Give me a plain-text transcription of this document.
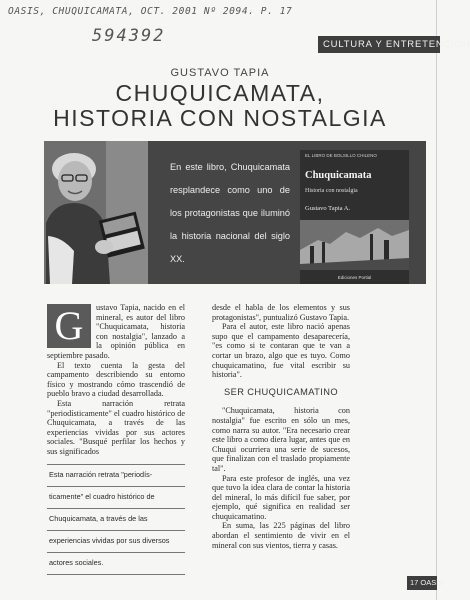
OASIS, CHUQUICAMATA, OCT. 2001 Nº 2094. P. 17
594392	CULTURA Y ENTRETENCIÓN
GUSTAVO TAPIA
CHUQUICAMATA,
HISTORIA CON NOSTALGIA
En este libro, Chuquicamata resplandece como uno de los protagonistas que iluminó la historia nacional del siglo XX.
EL LIBRO DE BOLSILLO CHILENO
Chuquicamata
Historia con nostalgia
Gustavo Tapia A.
Ediciones Portial
G	ustavo Tapia, nacido en el mineral, es autor del libro "Chuquicamata, historia con nostalgia", lanzado a la opinión pública en septiembre pasado.

El texto cuenta la gesta del campamento describiendo su entorno físico y mostrando cómo trascendió de pueblo bravo a ciudad desarrollada.

Esta narración retrata "periodísticamente" el cuadro histórico de Chuquicamata, a través de las experiencias vividas por sus actores sociales. "Busqué perfilar los hechos y sus significados

Esta narración retrata "periodís-
ticamente" el cuadro histórico de
Chuquicamata, a través de las
experiencias vividas por sus diversos
actores sociales.

desde el habla de los elementos y sus protagonistas", puntualizó Gustavo Tapia.

Para el autor, este libro nació apenas supo que el campamento desaparecería, "es como si te contaran que te van a cortar un brazo, algo que es tuyo. Como chuquicamatino, fue vital escribir su historia".

SER CHUQUICAMATINO

"Chuquicamata, historia con nostalgia" fue escrito en sólo un mes, como narra su autor. "Era necesario crear este libro a como diera lugar, antes que en Chuqui ocurriera una serie de sucesos, que finalizan con el traslado propiamente tal".

Para este profesor de inglés, una vez que tuvo la idea clara de contar la historia del mineral, lo más difícil fue saber, por ejemplo, qué significa en realidad ser chuquicamatino.

En suma, las 225 páginas del libro abordan el sentimiento de vivir en el mineral con sus vientos, tierra y casas.

17 OASIS
